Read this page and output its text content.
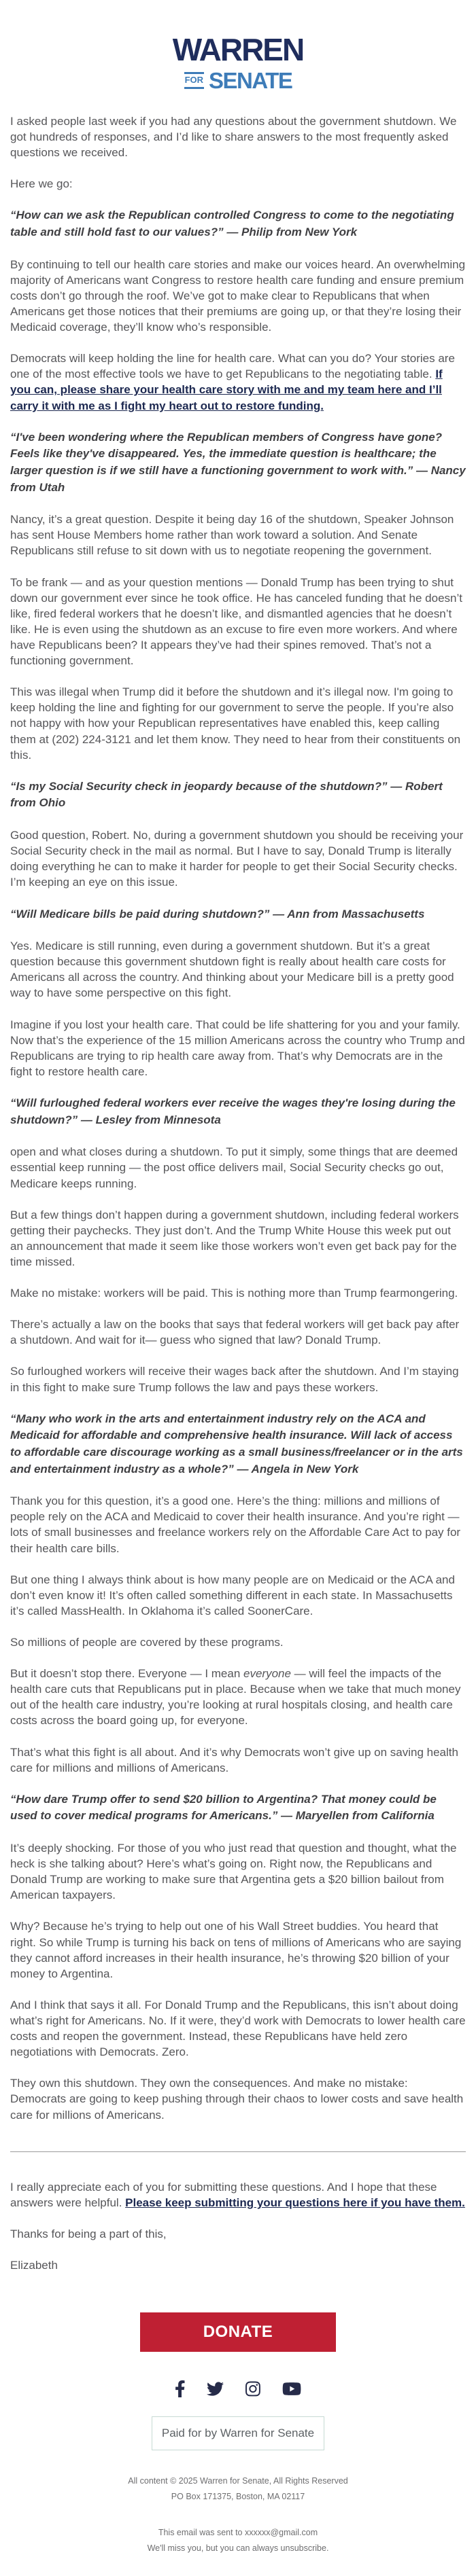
WARREN
FOR SENATE

I asked people last week if you had any questions about the government shutdown. We got hundreds of responses, and I’d like to share answers to the most frequently asked questions we received.

Here we go:

“How can we ask the Republican controlled Congress to come to the negotiating table and still hold fast to our values?” — Philip from New York

By continuing to tell our health care stories and make our voices heard. An overwhelming majority of Americans want Congress to restore health care funding and ensure premium costs don’t go through the roof. We’ve got to make clear to Republicans that when Americans get those notices that their premiums are going up, or that they’re losing their Medicaid coverage, they’ll know who’s responsible.

Democrats will keep holding the line for health care. What can you do? Your stories are one of the most effective tools we have to get Republicans to the negotiating table. If you can, please share your health care story with me and my team here and I’ll carry it with me as I fight my heart out to restore funding.

“I've been wondering where the Republican members of Congress have gone? Feels like they've disappeared. Yes, the immediate question is healthcare; the larger question is if we still have a functioning government to work with.” — Nancy from Utah

Nancy, it’s a great question. Despite it being day 16 of the shutdown, Speaker Johnson has sent House Members home rather than work toward a solution. And Senate Republicans still refuse to sit down with us to negotiate reopening the government.

To be frank — and as your question mentions — Donald Trump has been trying to shut down our government ever since he took office. He has canceled funding that he doesn’t like, fired federal workers that he doesn’t like, and dismantled agencies that he doesn’t like. He is even using the shutdown as an excuse to fire even more workers. And where have Republicans been? It appears they’ve had their spines removed. That’s not a functioning government.

This was illegal when Trump did it before the shutdown and it’s illegal now. I'm going to keep holding the line and fighting for our government to serve the people. If you’re also not happy with how your Republican representatives have enabled this, keep calling them at (202) 224-3121 and let them know. They need to hear from their constituents on this.

“Is my Social Security check in jeopardy because of the shutdown?” — Robert from Ohio

Good question, Robert. No, during a government shutdown you should be receiving your Social Security check in the mail as normal. But I have to say, Donald Trump is literally doing everything he can to make it harder for people to get their Social Security checks. I’m keeping an eye on this issue.

“Will Medicare bills be paid during shutdown?” — Ann from Massachusetts

Yes. Medicare is still running, even during a government shutdown. But it’s a great question because this government shutdown fight is really about health care costs for Americans all across the country. And thinking about your Medicare bill is a pretty good way to have some perspective on this fight.

Imagine if you lost your health care. That could be life shattering for you and your family. Now that’s the experience of the 15 million Americans across the country who Trump and Republicans are trying to rip health care away from. That’s why Democrats are in the fight to restore health care.

“Will furloughed federal workers ever receive the wages they're losing during the shutdown?” — Lesley from Minnesota

open and what closes during a shutdown. To put it simply, some things that are deemed essential keep running — the post office delivers mail, Social Security checks go out, Medicare keeps running.

But a few things don’t happen during a government shutdown, including federal workers getting their paychecks. They just don’t. And the Trump White House this week put out an announcement that made it seem like those workers won’t even get back pay for the time missed.

Make no mistake: workers will be paid. This is nothing more than Trump fearmongering.

There’s actually a law on the books that says that federal workers will get back pay after a shutdown. And wait for it— guess who signed that law? Donald Trump.

So furloughed workers will receive their wages back after the shutdown. And I’m staying in this fight to make sure Trump follows the law and pays these workers.

“Many who work in the arts and entertainment industry rely on the ACA and Medicaid for affordable and comprehensive health insurance. Will lack of access to affordable care discourage working as a small business/freelancer or in the arts and entertainment industry as a whole?” — Angela in New York

Thank you for this question, it’s a good one. Here’s the thing: millions and millions of people rely on the ACA and Medicaid to cover their health insurance. And you’re right — lots of small businesses and freelance workers rely on the Affordable Care Act to pay for their health care bills.

But one thing I always think about is how many people are on Medicaid or the ACA and don’t even know it! It’s often called something different in each state. In Massachusetts it’s called MassHealth. In Oklahoma it’s called SoonerCare.

So millions of people are covered by these programs.

But it doesn’t stop there. Everyone — I mean everyone — will feel the impacts of the health care cuts that Republicans put in place. Because when we take that much money out of the health care industry, you’re looking at rural hospitals closing, and health care costs across the board going up, for everyone.

That’s what this fight is all about. And it’s why Democrats won’t give up on saving health care for millions and millions of Americans.

“How dare Trump offer to send $20 billion to Argentina? That money could be used to cover medical programs for Americans.” — Maryellen from California

It’s deeply shocking. For those of you who just read that question and thought, what the heck is she talking about? Here’s what’s going on. Right now, the Republicans and Donald Trump are working to make sure that Argentina gets a $20 billion bailout from American taxpayers.

Why? Because he’s trying to help out one of his Wall Street buddies. You heard that right. So while Trump is turning his back on tens of millions of Americans who are saying they cannot afford increases in their health insurance, he’s throwing $20 billion of your money to Argentina.

And I think that says it all. For Donald Trump and the Republicans, this isn’t about doing what’s right for Americans. No. If it were, they’d work with Democrats to lower health care costs and reopen the government. Instead, these Republicans have held zero negotiations with Democrats. Zero.

They own this shutdown. They own the consequences. And make no mistake: Democrats are going to keep pushing through their chaos to lower costs and save health care for millions of Americans.

I really appreciate each of you for submitting these questions. And I hope that these answers were helpful. Please keep submitting your questions here if you have them.

Thanks for being a part of this,

Elizabeth

DONATE
Paid for by Warren for Senate
All content © 2025 Warren for Senate, All Rights Reserved
PO Box 171375, Boston, MA 02117
This email was sent to xxxxxx@gmail.com
We'll miss you, but you can always unsubscribe.
